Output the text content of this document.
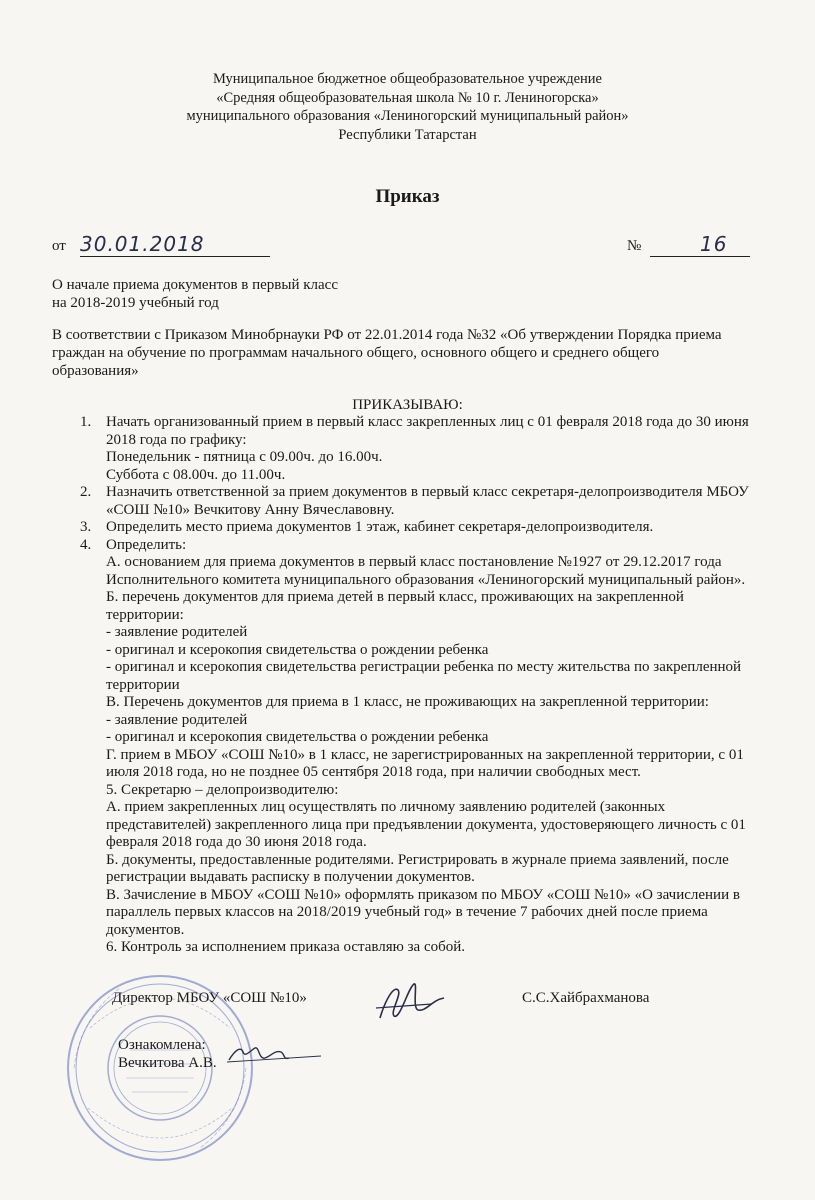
Муниципальное бюджетное общеобразовательное учреждение
«Средняя общеобразовательная школа № 10 г. Лениногорска»
муниципального образования «Лениногорский муниципальный район»
Республики Татарстан
Приказ
от 30.01.2018	№	16
О начале приема документов в первый класс
на 2018-2019 учебный год
В соответствии с Приказом Минобрнауки РФ от 22.01.2014 года №32 «Об утверждении Порядка приема
граждан на обучение по программам начального общего, основного общего и среднего общего
образования»
ПРИКАЗЫВАЮ:
1. Начать организованный прием в первый класс закрепленных лиц с 01 февраля 2018 года до 30 июня
2018 года по графику:
Понедельник - пятница с 09.00ч. до 16.00ч.
Суббота с 08.00ч. до 11.00ч.
2. Назначить ответственной за прием документов в первый класс секретаря-делопроизводителя МБОУ
«СОШ №10» Вечкитову Анну Вячеславовну.
3. Определить место приема документов 1 этаж, кабинет секретаря-делопроизводителя.
4. Определить:
А. основанием для приема документов в первый класс постановление №1927 от 29.12.2017 года
Исполнительного комитета муниципального образования «Лениногорский муниципальный район».
Б. перечень документов для приема детей в первый класс, проживающих на закрепленной
территории:
- заявление родителей
- оригинал и ксерокопия свидетельства о рождении ребенка
- оригинал и ксерокопия свидетельства регистрации ребенка по месту жительства по закрепленной
территории
В. Перечень документов для приема в 1 класс, не проживающих на закрепленной территории:
- заявление родителей
- оригинал и ксерокопия свидетельства о рождении ребенка
Г. прием в МБОУ «СОШ №10» в 1 класс, не зарегистрированных на закрепленной территории, с 01
июля 2018 года, но не позднее 05 сентября 2018 года, при наличии свободных мест.
5. Секретарю – делопроизводителю:
А. прием закрепленных лиц осуществлять по личному заявлению родителей (законных
представителей) закрепленного лица при предъявлении документа, удостоверяющего личность с 01
февраля 2018 года до 30 июня 2018 года.
Б. документы, предоставленные родителями. Регистрировать в журнале приема заявлений, после
регистрации выдавать расписку в получении документов.
В. Зачисление в МБОУ «СОШ №10» оформлять приказом по МБОУ «СОШ №10» «О зачислении в
параллель первых классов на 2018/2019 учебный год» в течение 7 рабочих дней после приема
документов.
6. Контроль за исполнением приказа оставляю за собой.
Директор МБОУ «СОШ №10»	С.С.Хайбрахманова
Ознакомлена:
Вечкитова А.В.
